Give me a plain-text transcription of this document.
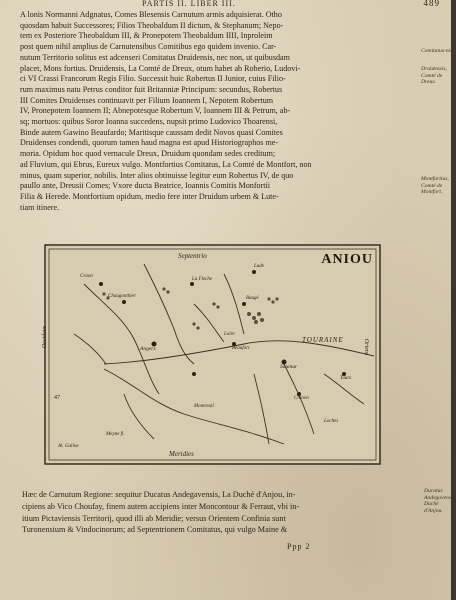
PARTIS II. LIBER III.	489

A lonis Normanni Adgnatus, Comes Blesensis Carnutum armis adquisierat. Otho

quosdam habuit Successores; Filios Theobaldum II dictum, & Stephanum; Nepo-

tem ex Posteriore Theobaldum III, & Pronepotem Theobaldum IIII, Inproleim

post quem nihil amplius de Carnutensibus Comitibus ego quidem invenio. Car-

nutum Territorio solitus est adcenseri Comitatus Druidensis, nec non, ut quibusdam

placet, Mons fortius. Druidensis, La Comté de Dreux, otum habet ab Roberio, Ludovi-

ci VI Crassi Francorum Regis Filio. Successit huic Robertus II Junior, cuius Filio-

rum maximus natu Petrus conditor fuit Britanniæ Principum: secundus, Robertus

III Comites Druidenses continuavit per Filium Ioannem I, Nepotem Robertum

IV, Pronepotem Ioannem II; Abnepotesque Robertum V, Ioannem III & Petrum, ab-

sq; mortuos: quibus Soror Ioanna succedens, nupsit primo Ludovico Thoarensi,

Binde autem Gawino Beaufardo; Maritisque caussam dedit Novos quasi Comites

Druidenses condendi, quorum tamen haud magna est apud Historiographos me-

moria. Opidum hoc quod vernacule Dreux, Druidum quondam sedes creditum;

ad Fluvium, qui Ebrus, Eureux vulgo. Montfortius Comitatus, La Comté de Montfort, non

minus, quam superior, nobilis. Inter alios obtinuisse legitur eum Robertus IV, de quo

paullo ante, Dreusii Comes; Vxore ducta Beatrice, Ioannis Comitis Monfortii

Filia & Herede. Montfortium opidum, medio fere inter Druidum urbem & Lute-

tiam itinere.

Comitatus-nis.
Druidensis, Comté de Dreux.
Montfortius, Comté de Montfort.
ANIOU
Septentrio
Meridies
Occidens	Oriens
TOURAINE
47
Craon
Chaugonthier
La Fleche
Lude
Baugé
Angers	Beaufort
Saumur
Chinon
Tours
Loches
Montreuil
Loire
Meyne fl.
Al. Galloe

Hæc de Carnutum Regione: sequitur Ducatus Andegavensis, La Duché d'Anjou, in-

cipiens ab Vico Choufay, finem autem accipiens inter Moncontour & Ferraut, vbi in-

itium Pictaviensis Territorij, quod illi ab Meridie; versus Orientem Confinia sunt

Turonensium & Vindocinorum; ad Septentrionem Comitatus, qui vulgo Maine &

Ducatus Andegavensis, Duché d'Anjou.
Ppp 2
